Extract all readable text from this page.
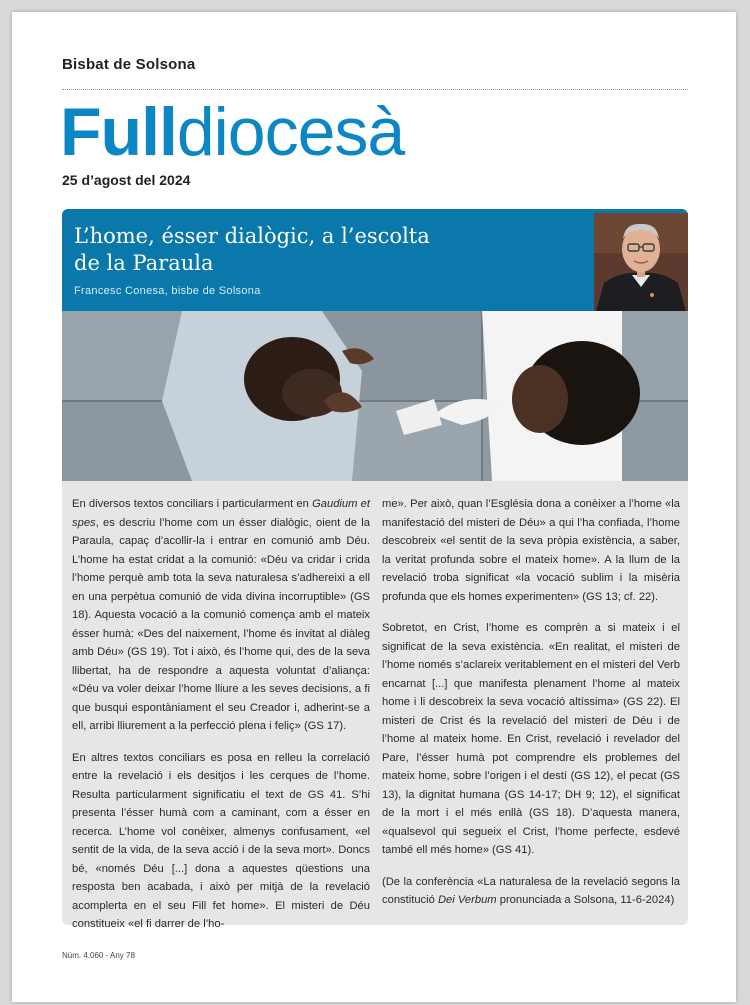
Bisbat de Solsona
Fulldiocesà
25 d’agost del 2024
L’home, ésser dialògic, a l’escolta
de la Paraula
Francesc Conesa, bisbe de Solsona

En diversos textos conciliars i particularment en Gaudium et spes, es descriu l’home com un ésser dialògic, oient de la Paraula, capaç d’acollir-la i entrar en comunió amb Déu. L’home ha estat cridat a la comunió: «Déu va cridar i crida l’home perquè amb tota la seva naturalesa s’adhereixi a ell en una perpètua comunió de vida divina incorruptible» (GS 18). Aquesta vocació a la comunió comença amb el mateix ésser humà: «Des del naixement, l’home és invitat al diàleg amb Déu» (GS 19). Tot i això, és l’home qui, des de la seva llibertat, ha de respondre a aquesta voluntat d’aliança: «Déu va voler deixar l’home lliure a les seves decisions, a fi que busqui espontàniament el seu Creador i, adherint-se a ell, arribi lliurement a la perfecció plena i feliç» (GS 17).

En altres textos conciliars es posa en relleu la correlació entre la revelació i els desitjos i les cerques de l’home. Resulta particularment significatiu el text de GS 41. S’hi presenta l’ésser humà com a caminant, com a ésser en recerca. L’home vol conèixer, almenys confusament, «el sentit de la vida, de la seva acció i de la seva mort». Doncs bé, «només Déu [...] dona a aquestes qüestions una resposta ben acabada, i això per mitjà de la revelació acomplerta en el seu Fill fet home». El misteri de Déu constitueix «el fi darrer de l’ho-

me». Per això, quan l’Església dona a conèixer a l’home «la manifestació del misteri de Déu» a qui l’ha confiada, l’home descobreix «el sentit de la seva pròpia existència, a saber, la veritat profunda sobre el mateix home». A la llum de la revelació troba significat «la vocació sublim i la misèria profunda que els homes experimenten» (GS 13; cf. 22).

Sobretot, en Crist, l’home es comprèn a si mateix i el significat de la seva existència. «En realitat, el misteri de l’home només s’aclareix veritablement en el misteri del Verb encarnat [...] que manifesta plenament l’home al mateix home i li descobreix la seva vocació altíssima» (GS 22). El misteri de Crist és la revelació del misteri de Déu i de l’home al mateix home. En Crist, revelació i revelador del Pare, l’ésser humà pot comprendre els problemes del mateix home, sobre l’origen i el destí (GS 12), el pecat (GS 13), la dignitat humana (GS 14-17; DH 9; 12), el significat de la mort i el més enllà (GS 18). D’aquesta manera, «qualsevol qui segueix el Crist, l’home perfecte, esdevé també ell més home» (GS 41).

(De la conferència «La naturalesa de la revelació segons la constitució Dei Verbum pronunciada a Solsona, 11-6-2024)

Núm. 4.060 - Any 78
